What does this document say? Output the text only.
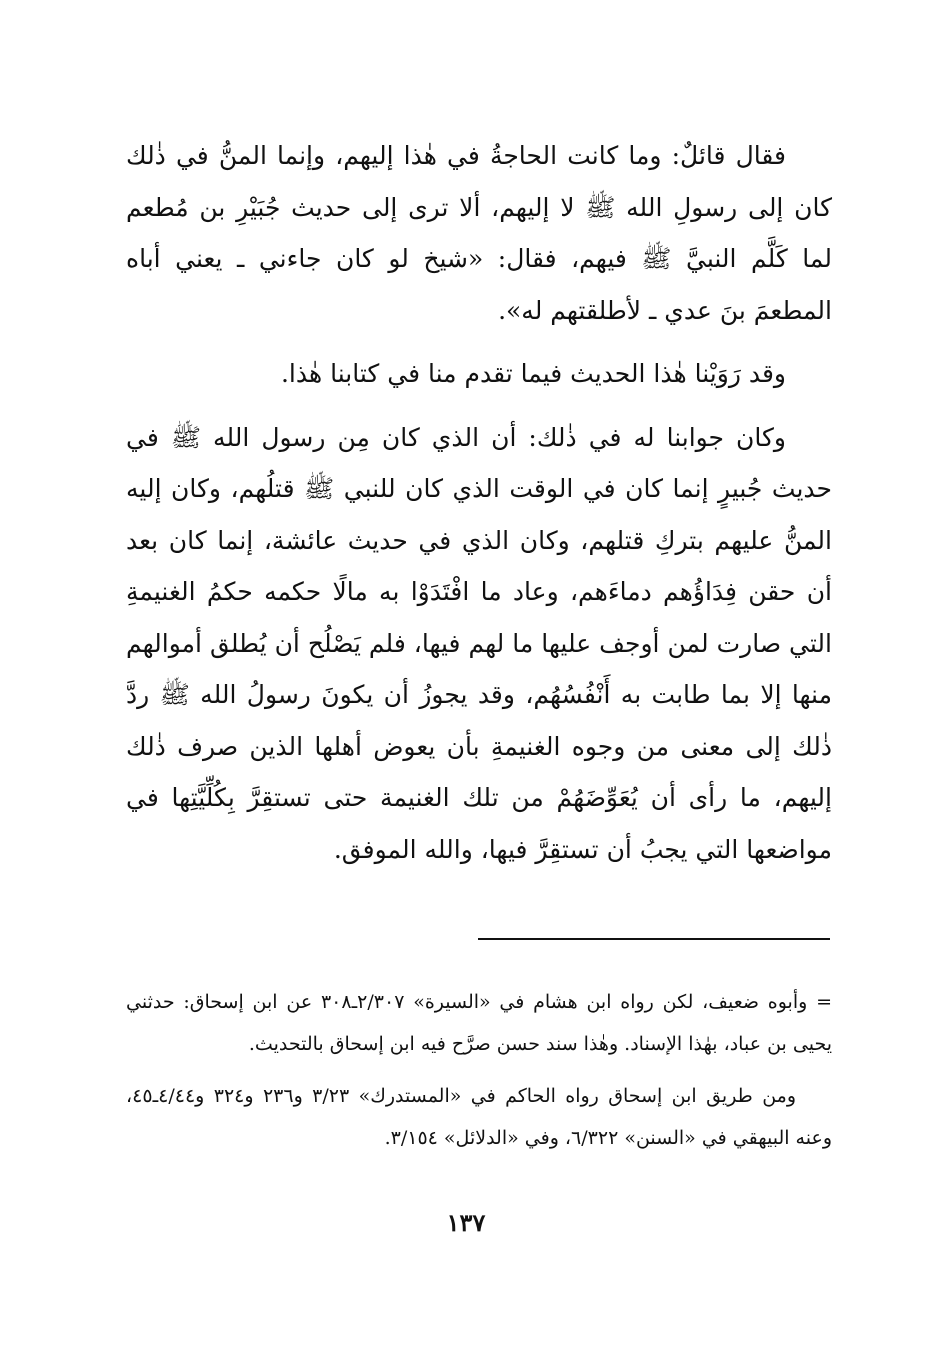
فقال قائلٌ: وما كانت الحاجةُ في هٰذا إليهم، وإنما المنُّ في ذٰلك كان إلى رسولِ الله ﷺ لا إليهم، ألا ترى إلى حديث جُبَيْرِ بن مُطعم لما كَلَّم النبيَّ ﷺ فيهم، فقال: «شيخ لو كان جاءني ـ يعني أباه المطعمَ بنَ عدي ـ لأطلقتهم له».

وقد رَوَيْنا هٰذا الحديث فيما تقدم منا في كتابنا هٰذا.

وكان جوابنا له في ذٰلك: أن الذي كان مِن رسول الله ﷺ في حديث جُبيرٍ إنما كان في الوقت الذي كان للنبي ﷺ قتلُهم، وكان إليه المنُّ عليهم بتركِ قتلهم، وكان الذي في حديث عائشة، إنما كان بعد أن حقن فِدَاؤُهم دماءَهم، وعاد ما افْتَدَوْا به مالًا حكمه حكمُ الغنيمةِ التي صارت لمن أوجف عليها ما لهم فيها، فلم يَصْلُح أن يُطلق أموالهم منها إلا بما طابت به أَنْفُسُهُم، وقد يجوزُ أن يكونَ رسولُ الله ﷺ ردَّ ذٰلك إلى معنى من وجوه الغنيمةِ بأن يعوض أهلها الذين صرف ذٰلك إليهم، ما رأى أن يُعَوِّضَهُمْ من تلك الغنيمة حتى تستقِرَّ بِكُلِّيَّتِها في مواضعها التي يجبُ أن تستقِرَّ فيها، والله الموفق.

= وأبوه ضعيف، لكن رواه ابن هشام في «السيرة» ٢/٣٠٧ـ٣٠٨ عن ابن إسحاق: حدثني يحيى بن عباد، بهٰذا الإسناد. وهٰذا سند حسن صرَّح فيه ابن إسحاق بالتحديث.

ومن طريق ابن إسحاق رواه الحاكم في «المستدرك» ٣/٢٣ و٢٣٦ و٣٢٤ و٤/٤٤ـ٤٥، وعنه البيهقي في «السنن» ٦/٣٢٢، وفي «الدلائل» ٣/١٥٤.

١٣٧
